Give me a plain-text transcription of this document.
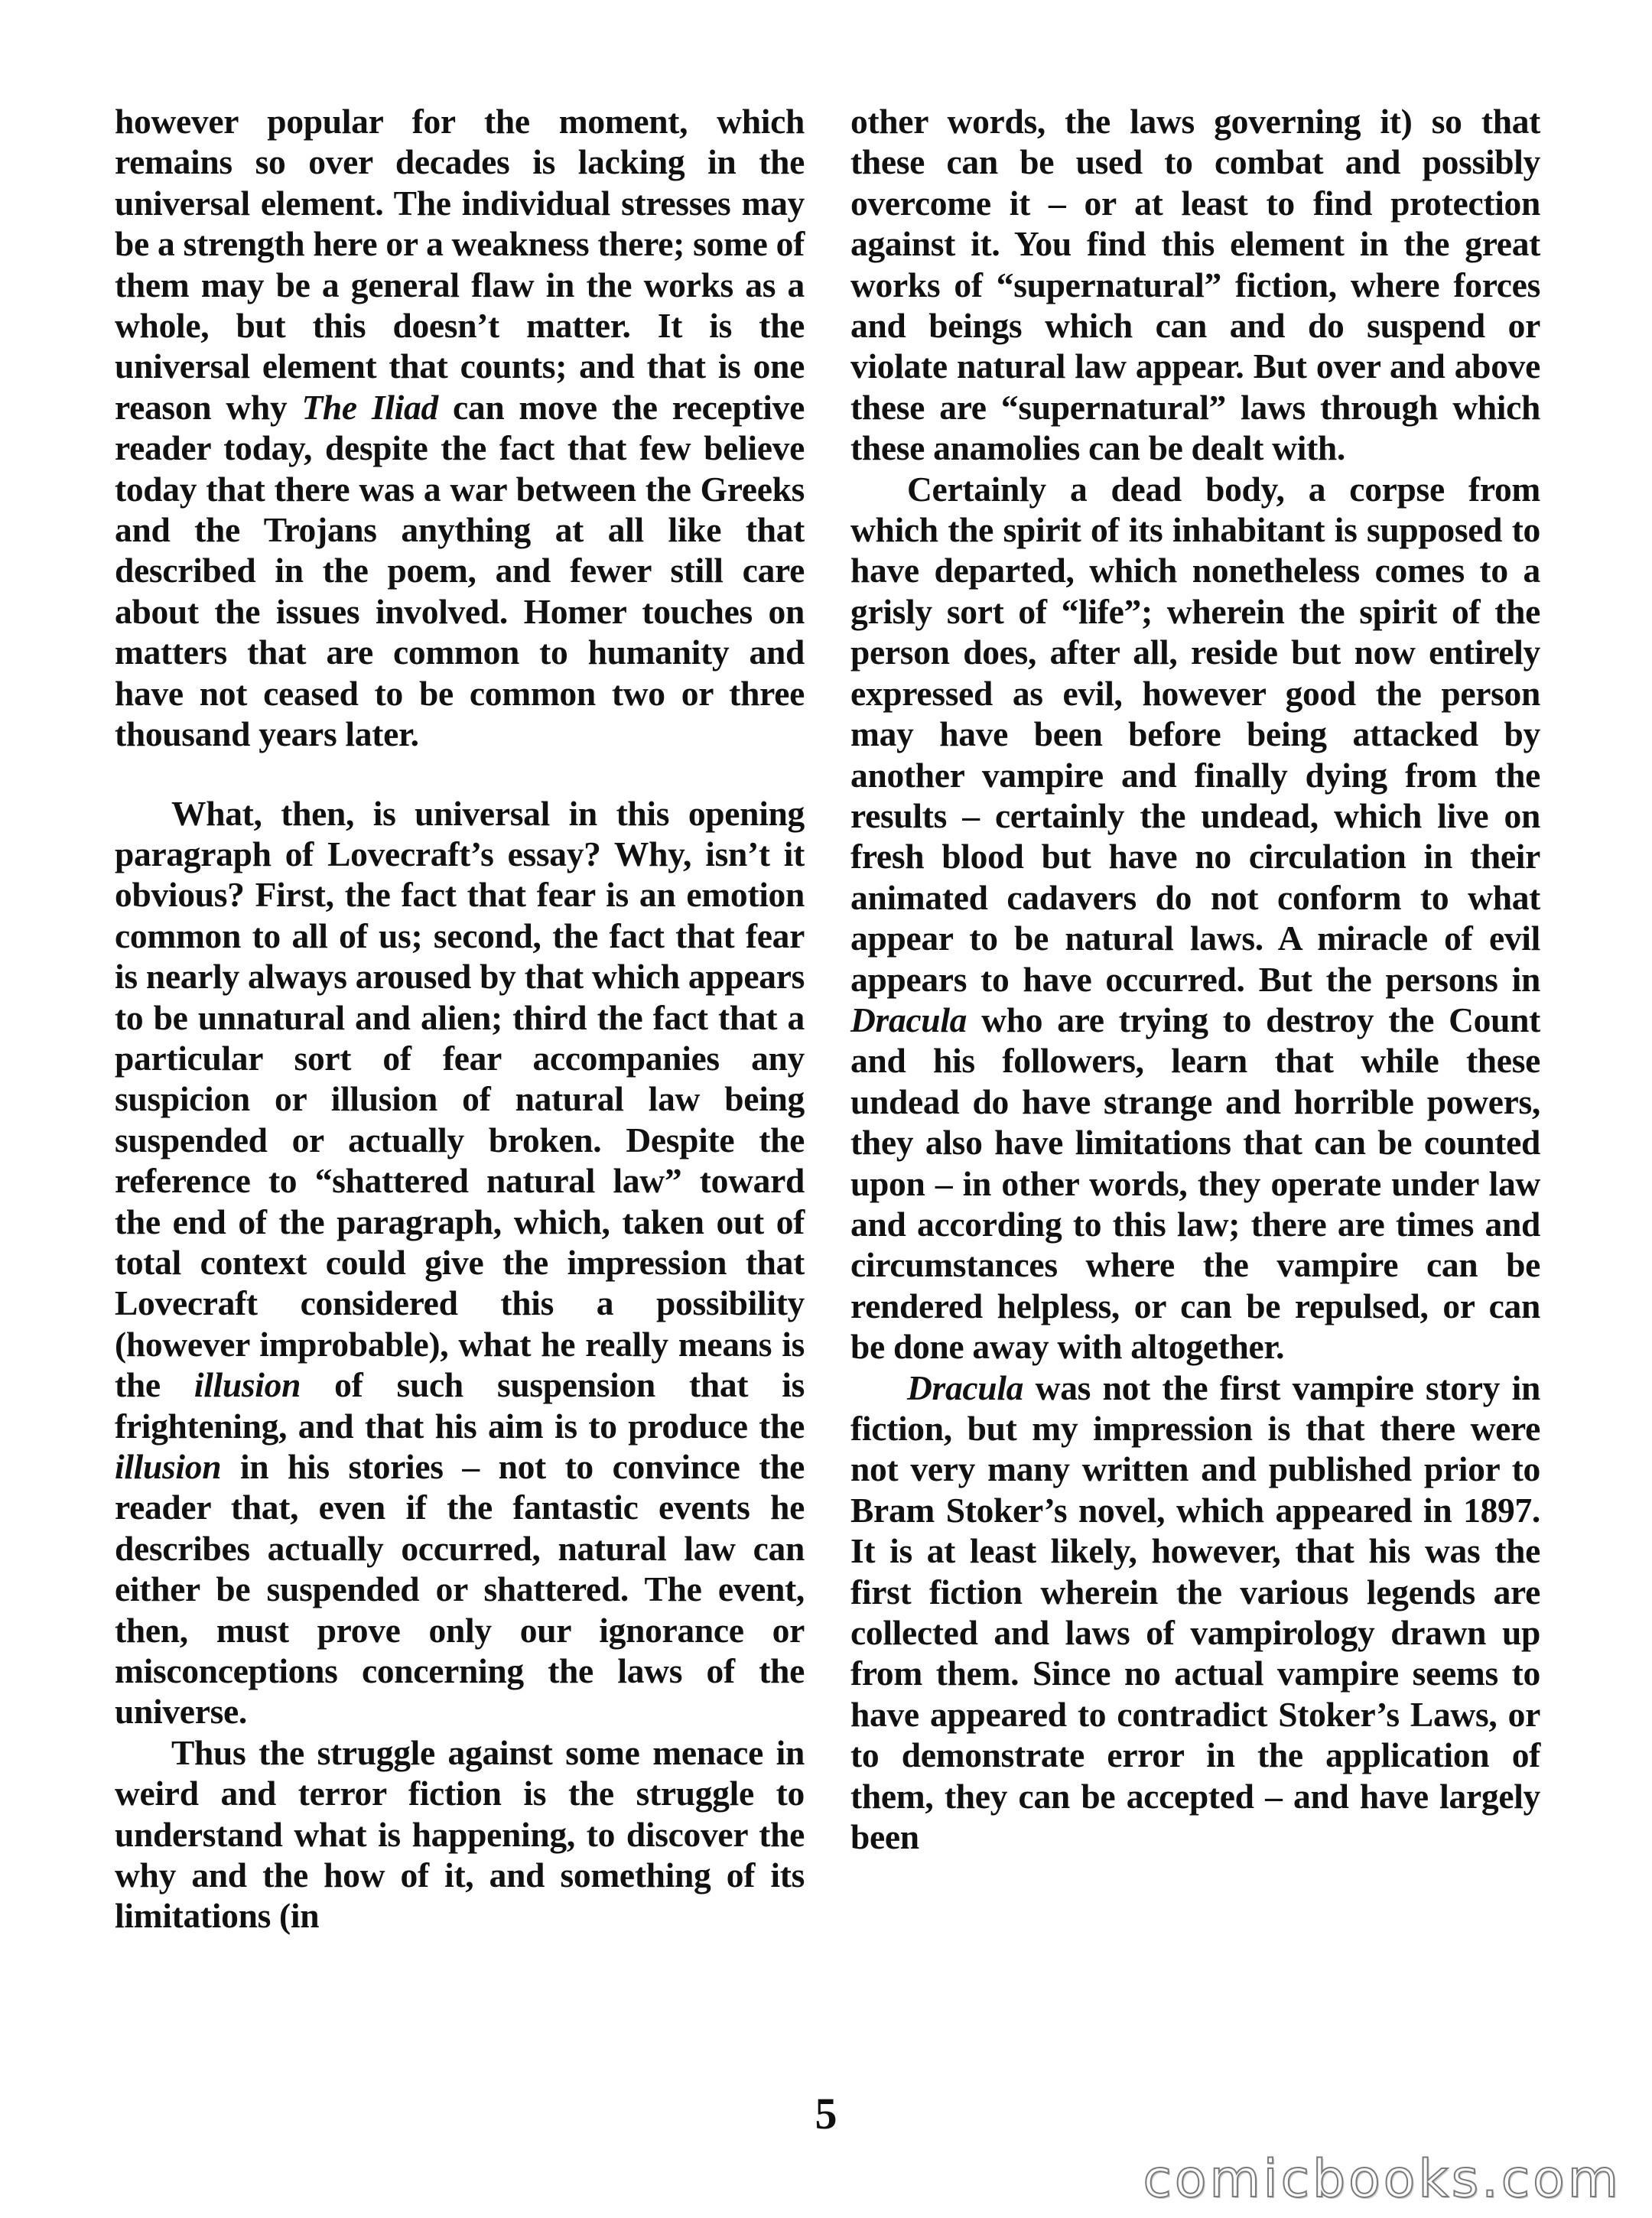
however popular for the moment, which remains so over decades is lacking in the universal element. The individual stresses may be a strength here or a weakness there; some of them may be a general flaw in the works as a whole, but this doesn’t matter. It is the universal element that counts; and that is one reason why The Iliad can move the receptive reader today, despite the fact that few believe today that there was a war between the Greeks and the Trojans anything at all like that described in the poem, and fewer still care about the issues involved. Homer touches on matters that are common to humanity and have not ceased to be common two or three thousand years later.

What, then, is universal in this opening paragraph of Lovecraft’s essay? Why, isn’t it obvious? First, the fact that fear is an emotion common to all of us; second, the fact that fear is nearly always aroused by that which appears to be unnatural and alien; third the fact that a particular sort of fear accompanies any suspicion or illusion of natural law being suspended or actually broken. Despite the reference to “shattered natural law” toward the end of the paragraph, which, taken out of total context could give the impression that Lovecraft considered this a possibility (however improbable), what he really means is the illusion of such suspension that is frightening, and that his aim is to produce the illusion in his stories – not to convince the reader that, even if the fantastic events he describes actually occurred, natural law can either be suspended or shattered. The event, then, must prove only our ignorance or misconceptions concerning the laws of the universe.

Thus the struggle against some menace in weird and terror fiction is the struggle to understand what is happening, to discover the why and the how of it, and something of its limitations (in

other words, the laws governing it) so that these can be used to combat and possibly overcome it – or at least to find protection against it. You find this element in the great works of “supernatural” fiction, where forces and beings which can and do suspend or violate natural law appear. But over and above these are “supernatural” laws through which these anamolies can be dealt with.

Certainly a dead body, a corpse from which the spirit of its inhabitant is supposed to have departed, which nonetheless comes to a grisly sort of “life”; wherein the spirit of the person does, after all, reside but now entirely expressed as evil, however good the person may have been before being attacked by another vampire and finally dying from the results – certainly the undead, which live on fresh blood but have no circulation in their animated cadavers do not conform to what appear to be natural laws. A miracle of evil appears to have occurred. But the persons in Dracula who are trying to destroy the Count and his followers, learn that while these undead do have strange and horrible powers, they also have limitations that can be counted upon – in other words, they operate under law and according to this law; there are times and circumstances where the vampire can be rendered helpless, or can be repulsed, or can be done away with altogether.

Dracula was not the first vampire story in fiction, but my impression is that there were not very many written and published prior to Bram Stoker’s novel, which appeared in 1897. It is at least likely, however, that his was the first fiction wherein the various legends are collected and laws of vampirology drawn up from them. Since no actual vampire seems to have appeared to contradict Stoker’s Laws, or to demonstrate error in the application of them, they can be accepted – and have largely been

5
comicbooks.com
